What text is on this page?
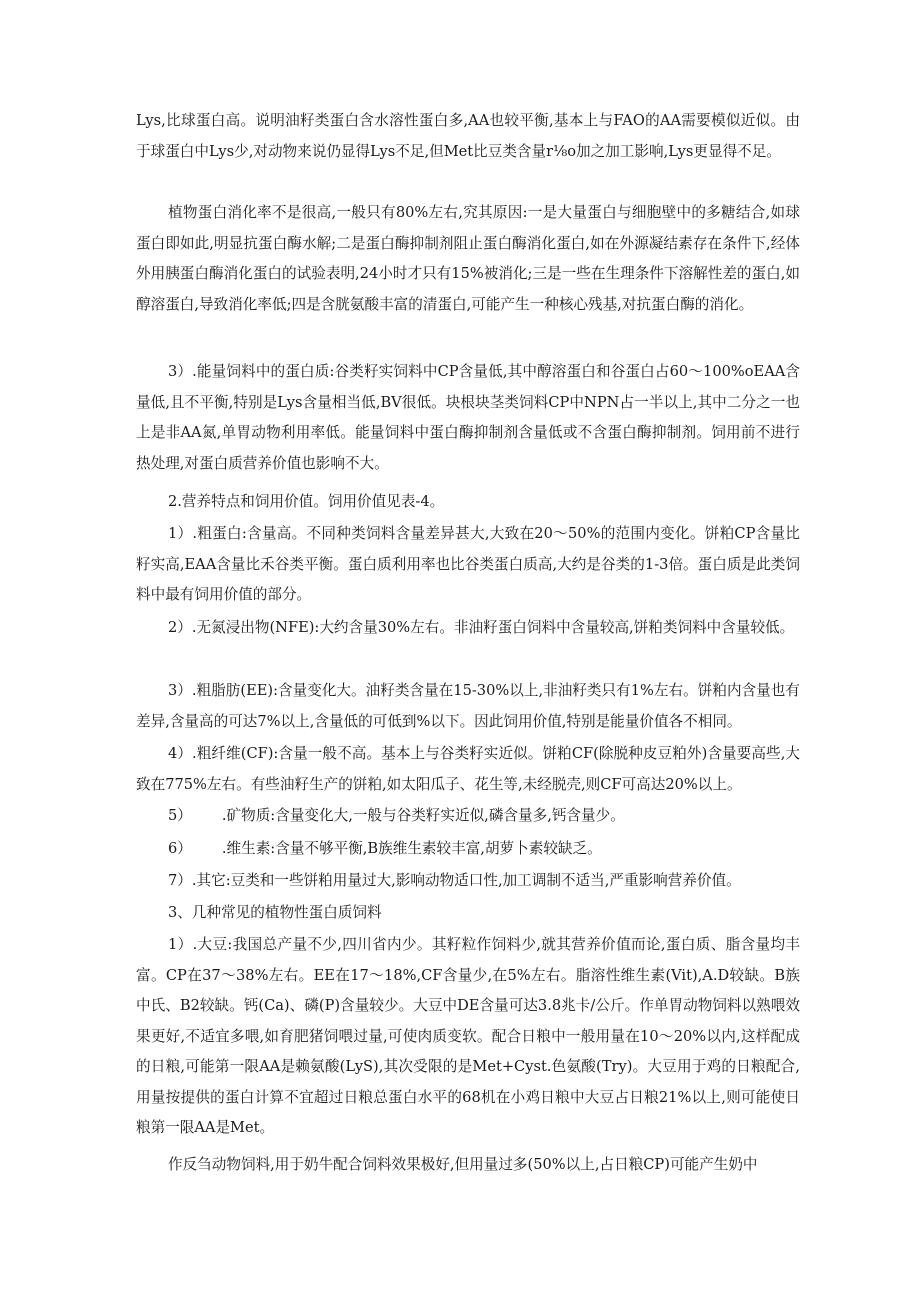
Lys,比球蛋白高。说明油籽类蛋白含水溶性蛋白多,AA也较平衡,基本上与FAO的AA需要模似近似。由于球蛋白中Lys少,对动物来说仍显得Lys不足,但Met比豆类含量r⅛o加之加工影响,Lys更显得不足。
植物蛋白消化率不是很高,一般只有80%左右,究其原因:一是大量蛋白与细胞壁中的多糖结合,如球蛋白即如此,明显抗蛋白酶水解;二是蛋白酶抑制剂阻止蛋白酶消化蛋白,如在外源凝结素存在条件下,经体外用胰蛋白酶消化蛋白的试验表明,24小时才只有15%被消化;三是一些在生理条件下溶解性差的蛋白,如醇溶蛋白,导致消化率低;四是含胱氨酸丰富的清蛋白,可能产生一种核心残基,对抗蛋白酶的消化。
3）.能量饲料中的蛋白质:谷类籽实饲料中CP含量低,其中醇溶蛋白和谷蛋白占60～100%oEAA含量低,且不平衡,特别是Lys含量相当低,BV很低。块根块茎类饲料CP中NPN占一半以上,其中二分之一也上是非AA氮,单胃动物利用率低。能量饲料中蛋白酶抑制剂含量低或不含蛋白酶抑制剂。饲用前不进行热处理,对蛋白质营养价值也影响不大。
2.营养特点和饲用价值。饲用价值见表-4。
1）.粗蛋白:含量高。不同种类饲料含量差异甚大,大致在20～50%的范围内变化。饼粕CP含量比籽实高,EAA含量比禾谷类平衡。蛋白质利用率也比谷类蛋白质高,大约是谷类的1-3倍。蛋白质是此类饲料中最有饲用价值的部分。
2）.无氮浸出物(NFE):大约含量30%左右。非油籽蛋白饲料中含量较高,饼粕类饲料中含量较低。
3）.粗脂肪(EE):含量变化大。油籽类含量在15-30%以上,非油籽类只有1%左右。饼粕内含量也有差异,含量高的可达7%以上,含量低的可低到%以下。因此饲用价值,特别是能量价值各不相同。
4）.粗纤维(CF):含量一般不高。基本上与谷类籽实近似。饼粕CF(除脱种皮豆粕外)含量要高些,大致在775%左右。有些油籽生产的饼粕,如太阳瓜子、花生等,未经脱壳,则CF可高达20%以上。
5） .矿物质:含量变化大,一般与谷类籽实近似,磷含量多,钙含量少。
6） .维生素:含量不够平衡,B族维生素较丰富,胡萝卜素较缺乏。
7）.其它:豆类和一些饼粕用量过大,影响动物适口性,加工调制不适当,严重影响营养价值。
3、几种常见的植物性蛋白质饲料
1）.大豆:我国总产量不少,四川省内少。其籽粒作饲料少,就其营养价值而论,蛋白质、脂含量均丰富。CP在37～38%左右。EE在17～18%,CF含量少,在5%左右。脂溶性维生素(Vit),A.D较缺。B族中氏、B2较缺。钙(Ca)、磷(P)含量较少。大豆中DE含量可达3.8兆卡/公斤。作单胃动物饲料以熟喂效果更好,不适宜多喂,如育肥猪饲喂过量,可使肉质变软。配合日粮中一般用量在10～20%以内,这样配成的日粮,可能第一限AA是赖氨酸(LyS),其次受限的是Met+Cyst.色氨酸(Try)。大豆用于鸡的日粮配合,用量按提供的蛋白计算不宜超过日粮总蛋白水平的68机在小鸡日粮中大豆占日粮21%以上,则可能使日粮第一限AA是Met。
作反刍动物饲料,用于奶牛配合饲料效果极好,但用量过多(50%以上,占日粮CP)可能产生奶中
